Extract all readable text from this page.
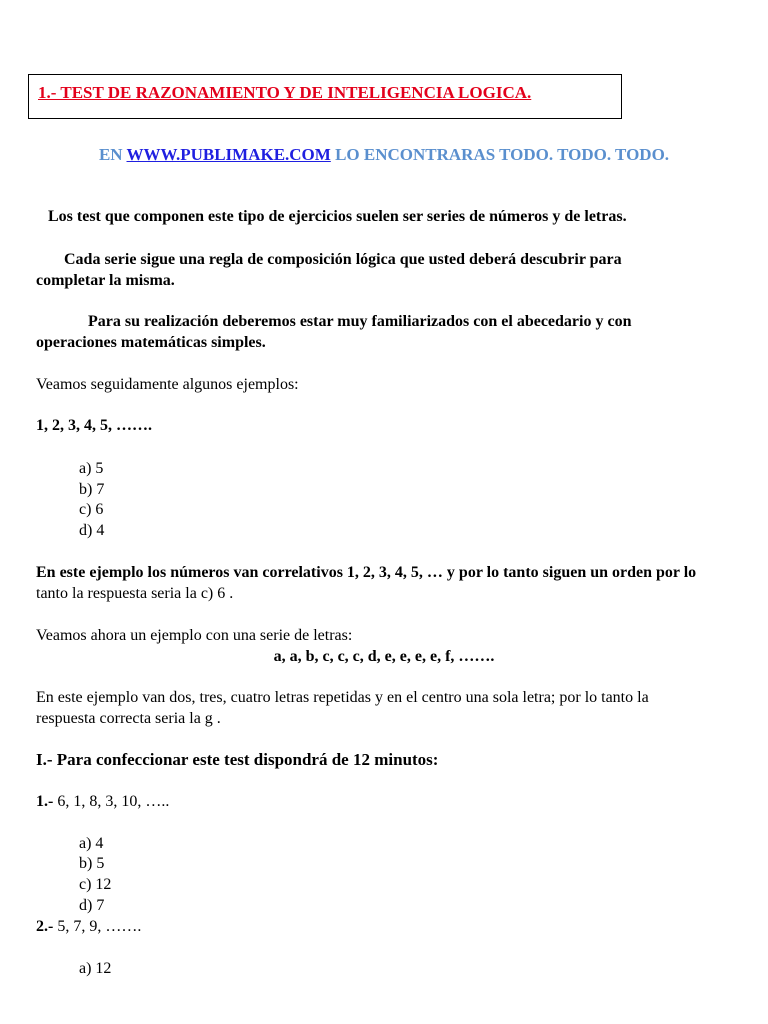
1.- TEST DE RAZONAMIENTO Y DE INTELIGENCIA LOGICA.
EN WWW.PUBLIMAKE.COM LO ENCONTRARAS TODO. TODO. TODO.
Los test que componen este tipo de ejercicios suelen ser series de números y de letras.
Cada serie sigue una regla de composición lógica que usted deberá descubrir para
completar la misma.
Para su realización deberemos estar muy familiarizados con el abecedario y con
operaciones matemáticas simples.
Veamos seguidamente algunos ejemplos:
1, 2, 3, 4, 5, …….
a) 5
b) 7
c) 6
d) 4
En este ejemplo los números van correlativos 1, 2, 3, 4, 5, … y por lo tanto siguen un orden por lo
tanto la respuesta seria la c) 6 .
Veamos ahora un ejemplo con una serie de letras:
a, a, b, c, c, c, d, e, e, e, e, f, …….
En este ejemplo van dos, tres, cuatro letras repetidas y en el centro una sola letra; por lo tanto la
respuesta correcta seria la g .
I.- Para confeccionar este test dispondrá de 12 minutos:
1.- 6, 1, 8, 3, 10, …..
a) 4
b) 5
c) 12
d) 7
2.- 5, 7, 9, …….
a) 12
